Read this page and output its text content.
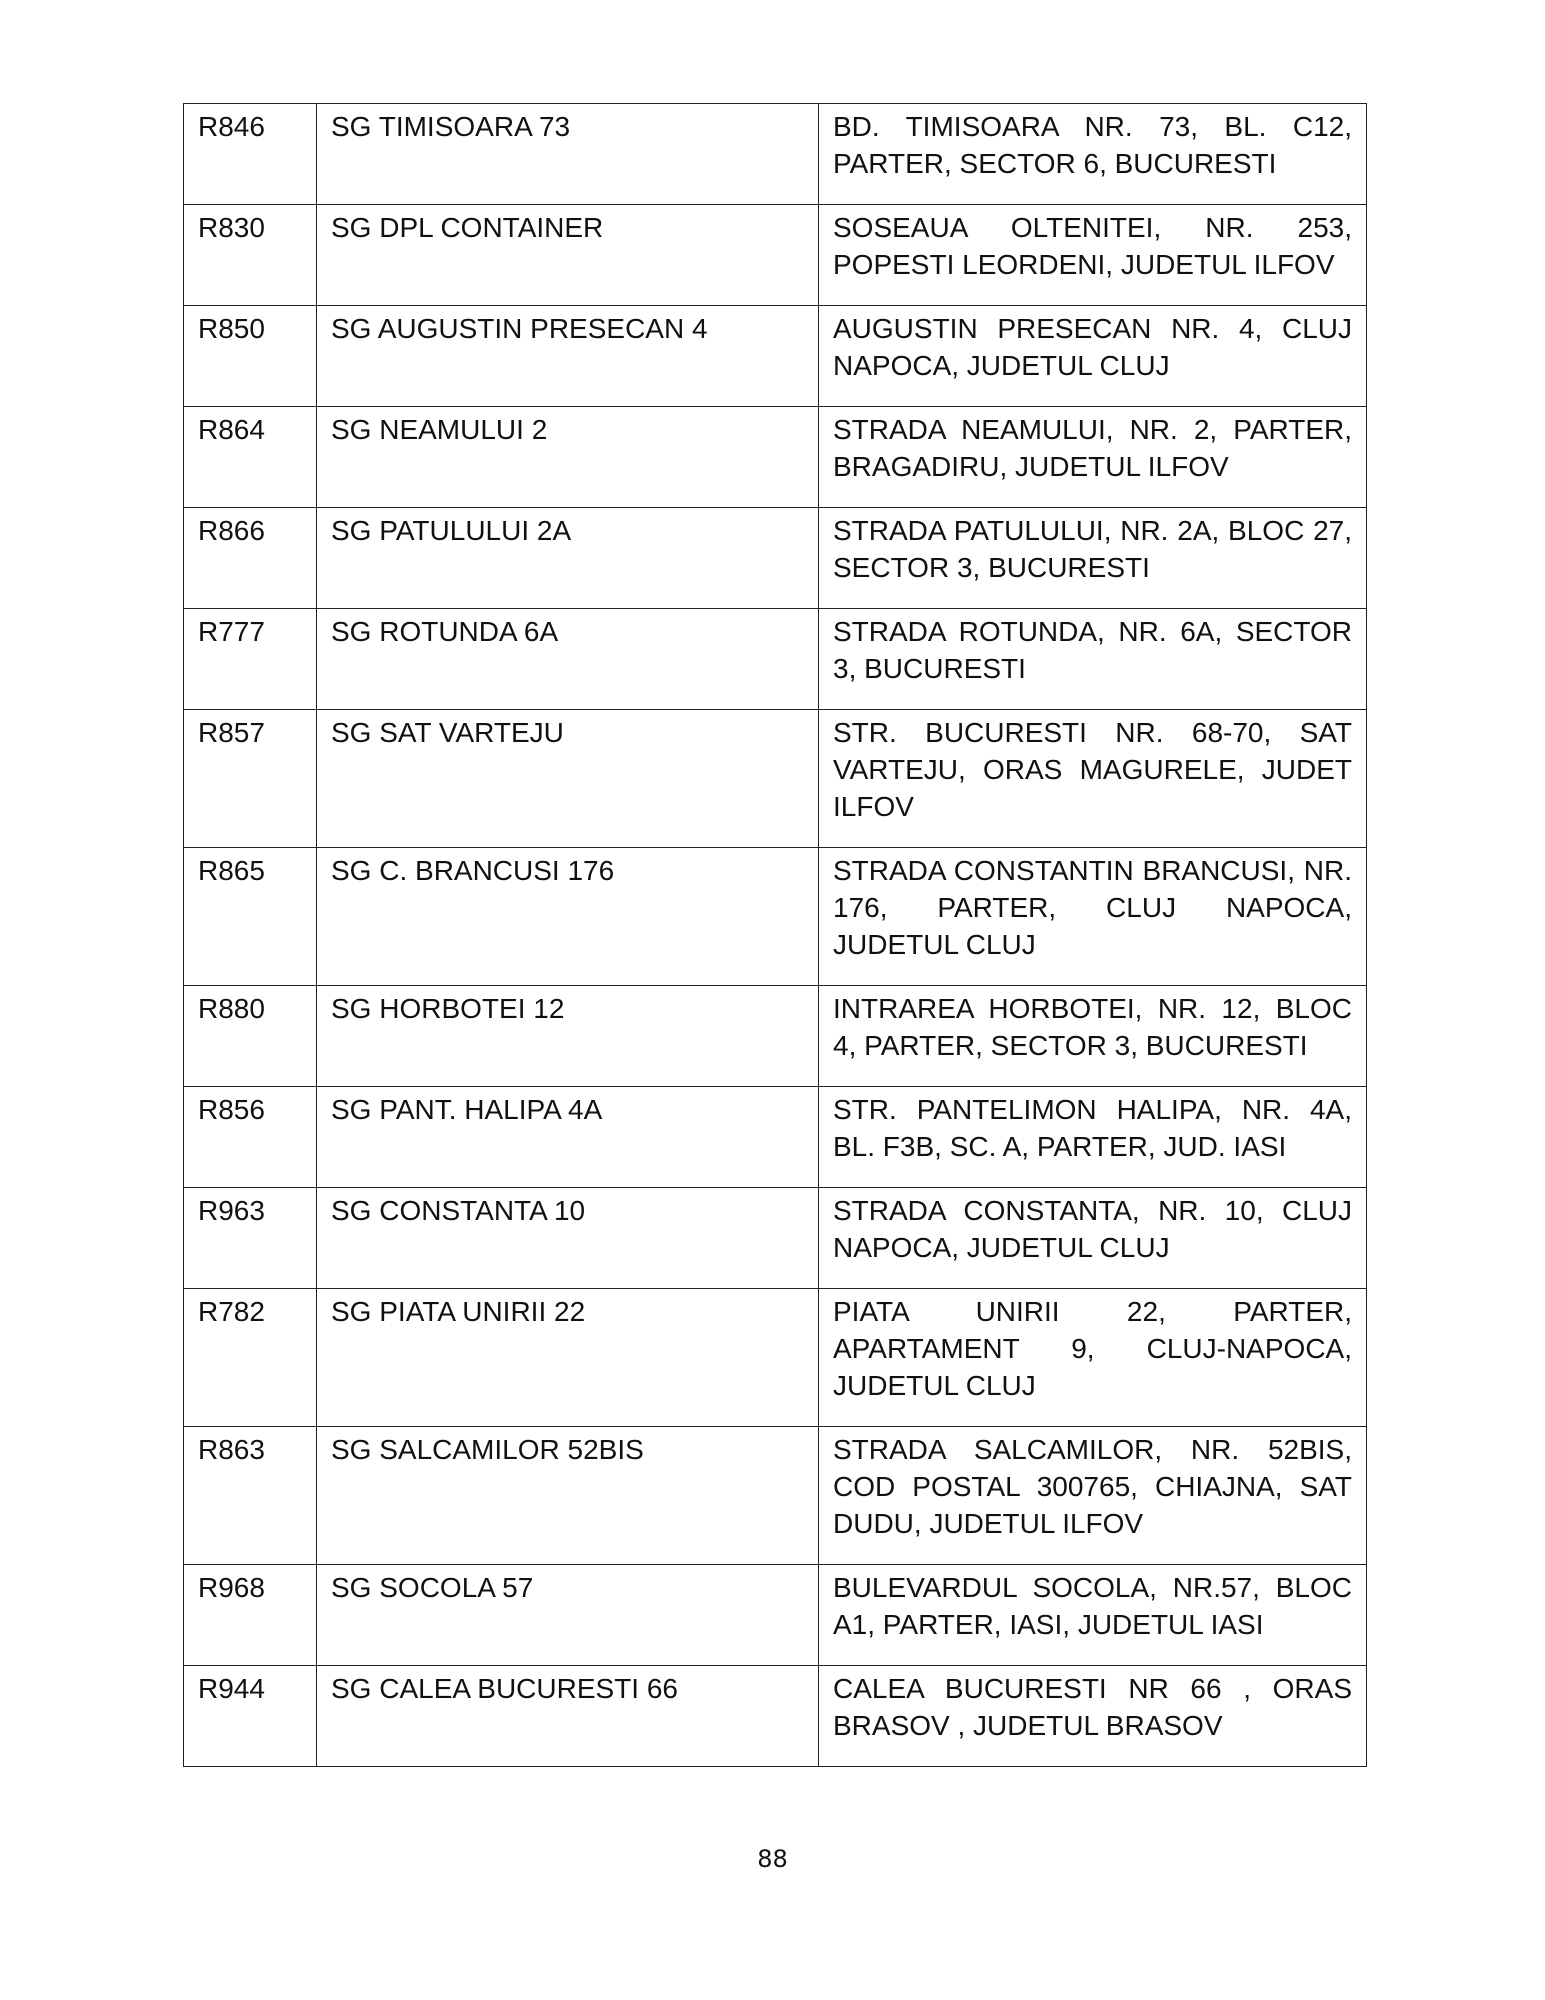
R846	SG TIMISOARA 73	BD. TIMISOARA NR. 73, BL. C12, PARTER, SECTOR 6, BUCURESTI
R830	SG DPL CONTAINER	SOSEAUA OLTENITEI, NR. 253, POPESTI LEORDENI, JUDETUL ILFOV
R850	SG AUGUSTIN PRESECAN 4	AUGUSTIN PRESECAN NR. 4, CLUJ NAPOCA, JUDETUL CLUJ
R864	SG NEAMULUI 2	STRADA NEAMULUI, NR. 2, PARTER, BRAGADIRU, JUDETUL ILFOV
R866	SG PATULULUI 2A	STRADA PATULULUI, NR. 2A, BLOC 27, SECTOR 3, BUCURESTI
R777	SG ROTUNDA 6A	STRADA ROTUNDA, NR. 6A, SECTOR 3, BUCURESTI
R857	SG SAT VARTEJU	STR. BUCURESTI NR. 68-70, SAT VARTEJU, ORAS MAGURELE, JUDET ILFOV
R865	SG C. BRANCUSI 176	STRADA CONSTANTIN BRANCUSI, NR. 176, PARTER, CLUJ NAPOCA, JUDETUL CLUJ
R880	SG HORBOTEI 12	INTRAREA HORBOTEI, NR. 12, BLOC 4, PARTER, SECTOR 3, BUCURESTI
R856	SG PANT. HALIPA 4A	STR. PANTELIMON HALIPA, NR. 4A, BL. F3B, SC. A, PARTER, JUD. IASI
R963	SG CONSTANTA 10	STRADA CONSTANTA, NR. 10, CLUJ NAPOCA, JUDETUL CLUJ
R782	SG PIATA UNIRII 22	PIATA UNIRII 22, PARTER, APARTAMENT 9, CLUJ-NAPOCA, JUDETUL CLUJ
R863	SG SALCAMILOR 52BIS	STRADA SALCAMILOR, NR. 52BIS, COD POSTAL 300765, CHIAJNA, SAT DUDU, JUDETUL ILFOV
R968	SG SOCOLA 57	BULEVARDUL SOCOLA, NR.57, BLOC A1, PARTER, IASI, JUDETUL IASI
R944	SG CALEA BUCURESTI 66	CALEA BUCURESTI NR 66 , ORAS BRASOV , JUDETUL BRASOV
88
